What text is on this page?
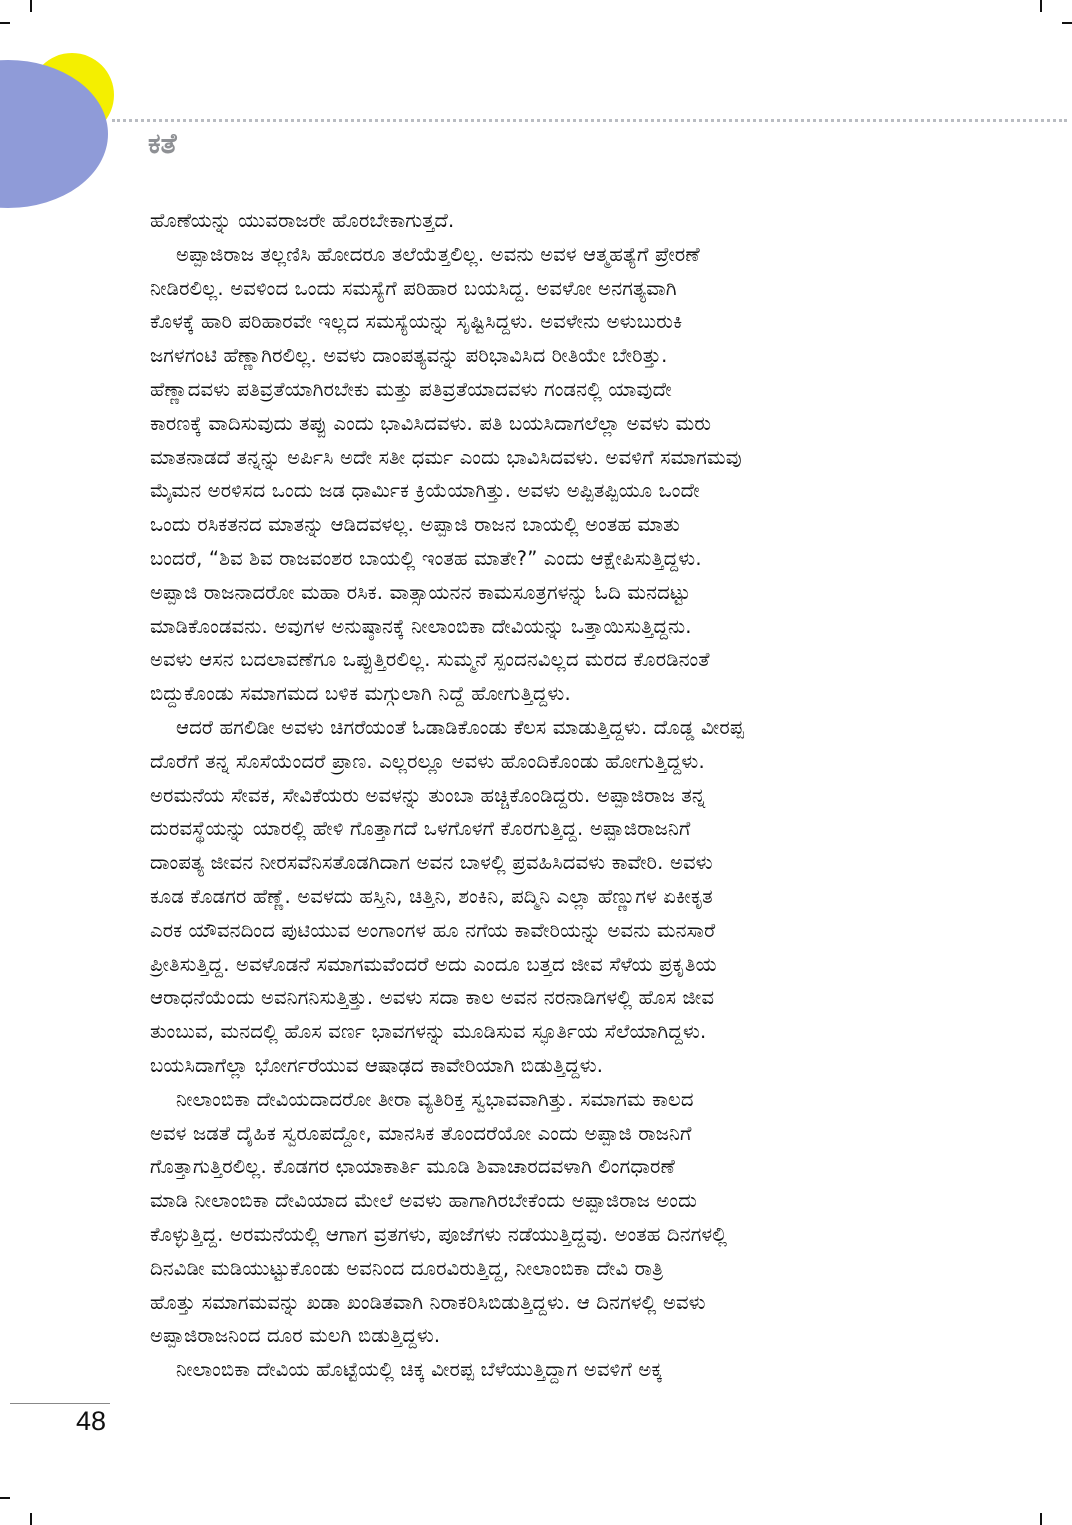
ಕತೆ

ಹೊಣೆಯನ್ನು ಯುವರಾಜರೇ ಹೊರಬೇಕಾಗುತ್ತದೆ.

ಅಪ್ಪಾಜಿರಾಜ ತಲ್ಲಣಿಸಿ ಹೋದರೂ ತಲೆಯೆತ್ತಲಿಲ್ಲ. ಅವನು ಅವಳ ಆತ್ಮಹತ್ಯೆಗೆ ಪ್ರೇರಣೆ

ನೀಡಿರಲಿಲ್ಲ. ಅವಳಿಂದ ಒಂದು ಸಮಸ್ಯೆಗೆ ಪರಿಹಾರ ಬಯಸಿದ್ದ. ಅವಳೋ ಅನಗತ್ಯವಾಗಿ

ಕೊಳಕ್ಕೆ ಹಾರಿ ಪರಿಹಾರವೇ ಇಲ್ಲದ ಸಮಸ್ಯೆಯನ್ನು ಸೃಷ್ಟಿಸಿದ್ದಳು. ಅವಳೇನು ಅಳುಬುರುಕಿ

ಜಗಳಗಂಟಿ ಹೆಣ್ಣಾಗಿರಲಿಲ್ಲ. ಅವಳು ದಾಂಪತ್ಯವನ್ನು ಪರಿಭಾವಿಸಿದ ರೀತಿಯೇ ಬೇರಿತ್ತು.

ಹೆಣ್ಣಾದವಳು ಪತಿವ್ರತೆಯಾಗಿರಬೇಕು ಮತ್ತು ಪತಿವ್ರತೆಯಾದವಳು ಗಂಡನಲ್ಲಿ ಯಾವುದೇ

ಕಾರಣಕ್ಕೆ ವಾದಿಸುವುದು ತಪ್ಪು ಎಂದು ಭಾವಿಸಿದವಳು. ಪತಿ ಬಯಸಿದಾಗಲೆಲ್ಲಾ ಅವಳು ಮರು

ಮಾತನಾಡದೆ ತನ್ನನ್ನು ಅರ್ಪಿಸಿ ಅದೇ ಸತೀ ಧರ್ಮ ಎಂದು ಭಾವಿಸಿದವಳು. ಅವಳಿಗೆ ಸಮಾಗಮವು

ಮೈಮನ ಅರಳಿಸದ ಒಂದು ಜಡ ಧಾರ್ಮಿಕ ಕ್ರಿಯೆಯಾಗಿತ್ತು. ಅವಳು ಅಪ್ಪಿತಪ್ಪಿಯೂ ಒಂದೇ

ಒಂದು ರಸಿಕತನದ ಮಾತನ್ನು ಆಡಿದವಳಲ್ಲ. ಅಪ್ಪಾಜಿ ರಾಜನ ಬಾಯಲ್ಲಿ ಅಂತಹ ಮಾತು

ಬಂದರೆ, “ಶಿವ ಶಿವ ರಾಜವಂಶರ ಬಾಯಲ್ಲಿ ಇಂತಹ ಮಾತೇ?” ಎಂದು ಆಕ್ಷೇಪಿಸುತ್ತಿದ್ದಳು.

ಅಪ್ಪಾಜಿ ರಾಜನಾದರೋ ಮಹಾ ರಸಿಕ. ವಾತ್ಸಾಯನನ ಕಾಮಸೂತ್ರಗಳನ್ನು ಓದಿ ಮನದಟ್ಟು

ಮಾಡಿಕೊಂಡವನು. ಅವುಗಳ ಅನುಷ್ಠಾನಕ್ಕೆ ನೀಲಾಂಬಿಕಾ ದೇವಿಯನ್ನು ಒತ್ತಾಯಿಸುತ್ತಿದ್ದನು.

ಅವಳು ಆಸನ ಬದಲಾವಣೆಗೂ ಒಪ್ಪುತ್ತಿರಲಿಲ್ಲ. ಸುಮ್ಮನೆ ಸ್ಪಂದನವಿಲ್ಲದ ಮರದ ಕೊರಡಿನಂತೆ

ಬಿದ್ದುಕೊಂಡು ಸಮಾಗಮದ ಬಳಿಕ ಮಗ್ಗುಲಾಗಿ ನಿದ್ದೆ ಹೋಗುತ್ತಿದ್ದಳು.

ಆದರೆ ಹಗಲಿಡೀ ಅವಳು ಚಿಗರೆಯಂತೆ ಓಡಾಡಿಕೊಂಡು ಕೆಲಸ ಮಾಡುತ್ತಿದ್ದಳು. ದೊಡ್ಡ ವೀರಪ್ಪ

ದೊರೆಗೆ ತನ್ನ ಸೊಸೆಯೆಂದರೆ ಪ್ರಾಣ. ಎಲ್ಲರಲ್ಲೂ ಅವಳು ಹೊಂದಿಕೊಂಡು ಹೋಗುತ್ತಿದ್ದಳು.

ಅರಮನೆಯ ಸೇವಕ, ಸೇವಿಕೆಯರು ಅವಳನ್ನು ತುಂಬಾ ಹಚ್ಚಿಕೊಂಡಿದ್ದರು. ಅಪ್ಪಾಜಿರಾಜ ತನ್ನ

ದುರವಸ್ಥೆಯನ್ನು ಯಾರಲ್ಲಿ ಹೇಳಿ ಗೊತ್ತಾಗದೆ ಒಳಗೊಳಗೆ ಕೊರಗುತ್ತಿದ್ದ. ಅಪ್ಪಾಜಿರಾಜನಿಗೆ

ದಾಂಪತ್ಯ ಜೀವನ ನೀರಸವೆನಿಸತೊಡಗಿದಾಗ ಅವನ ಬಾಳಲ್ಲಿ ಪ್ರವಹಿಸಿದವಳು ಕಾವೇರಿ. ಅವಳು

ಕೂಡ ಕೊಡಗರ ಹೆಣ್ಣೆ. ಅವಳದು ಹಸ್ತಿನಿ, ಚಿತ್ತಿನಿ, ಶಂಕಿನಿ, ಪದ್ಮಿನಿ ಎಲ್ಲಾ ಹೆಣ್ಣುಗಳ ಏಕೀಕೃತ

ಎರಕ ಯೌವನದಿಂದ ಪುಟಿಯುವ ಅಂಗಾಂಗಳ ಹೂ ನಗೆಯ ಕಾವೇರಿಯನ್ನು ಅವನು ಮನಸಾರೆ

ಪ್ರೀತಿಸುತ್ತಿದ್ದ. ಅವಳೊಡನೆ ಸಮಾಗಮವೆಂದರೆ ಅದು ಎಂದೂ ಬತ್ತದ ಜೀವ ಸೆಳೆಯ ಪ್ರಕೃತಿಯ

ಆರಾಧನೆಯೆಂದು ಅವನಿಗನಿಸುತ್ತಿತ್ತು. ಅವಳು ಸದಾ ಕಾಲ ಅವನ ನರನಾಡಿಗಳಲ್ಲಿ ಹೊಸ ಜೀವ

ತುಂಬುವ, ಮನದಲ್ಲಿ ಹೊಸ ವರ್ಣ ಭಾವಗಳನ್ನು ಮೂಡಿಸುವ ಸ್ಫೂರ್ತಿಯ ಸೆಲೆಯಾಗಿದ್ದಳು.

ಬಯಸಿದಾಗೆಲ್ಲಾ ಭೋರ್ಗರೆಯುವ ಆಷಾಢದ ಕಾವೇರಿಯಾಗಿ ಬಿಡುತ್ತಿದ್ದಳು.

ನೀಲಾಂಬಿಕಾ ದೇವಿಯದಾದರೋ ತೀರಾ ವ್ಯತಿರಿಕ್ತ ಸ್ವಭಾವವಾಗಿತ್ತು. ಸಮಾಗಮ ಕಾಲದ

ಅವಳ ಜಡತೆ ದೈಹಿಕ ಸ್ವರೂಪದ್ದೋ, ಮಾನಸಿಕ ತೊಂದರೆಯೋ ಎಂದು ಅಪ್ಪಾಜಿ ರಾಜನಿಗೆ

ಗೊತ್ತಾಗುತ್ತಿರಲಿಲ್ಲ. ಕೊಡಗರ ಛಾಯಾಕಾರ್ತಿ ಮೂಡಿ ಶಿವಾಚಾರದವಳಾಗಿ ಲಿಂಗಧಾರಣೆ

ಮಾಡಿ ನೀಲಾಂಬಿಕಾ ದೇವಿಯಾದ ಮೇಲೆ ಅವಳು ಹಾಗಾಗಿರಬೇಕೆಂದು ಅಪ್ಪಾಜಿರಾಜ ಅಂದು

ಕೊಳ್ಳುತ್ತಿದ್ದ. ಅರಮನೆಯಲ್ಲಿ ಆಗಾಗ ವ್ರತಗಳು, ಪೂಜೆಗಳು ನಡೆಯುತ್ತಿದ್ದವು. ಅಂತಹ ದಿನಗಳಲ್ಲಿ

ದಿನವಿಡೀ ಮಡಿಯುಟ್ಟುಕೊಂಡು ಅವನಿಂದ ದೂರವಿರುತ್ತಿದ್ದ, ನೀಲಾಂಬಿಕಾ ದೇವಿ ರಾತ್ರಿ

ಹೊತ್ತು ಸಮಾಗಮವನ್ನು ಖಡಾ ಖಂಡಿತವಾಗಿ ನಿರಾಕರಿಸಿಬಿಡುತ್ತಿದ್ದಳು. ಆ ದಿನಗಳಲ್ಲಿ ಅವಳು

ಅಪ್ಪಾಜಿರಾಜನಿಂದ ದೂರ ಮಲಗಿ ಬಿಡುತ್ತಿದ್ದಳು.

ನೀಲಾಂಬಿಕಾ ದೇವಿಯ ಹೊಟ್ಟೆಯಲ್ಲಿ ಚಿಕ್ಕ ವೀರಪ್ಪ ಬೆಳೆಯುತ್ತಿದ್ದಾಗ ಅವಳಿಗೆ ಅಕ್ಕ

48
